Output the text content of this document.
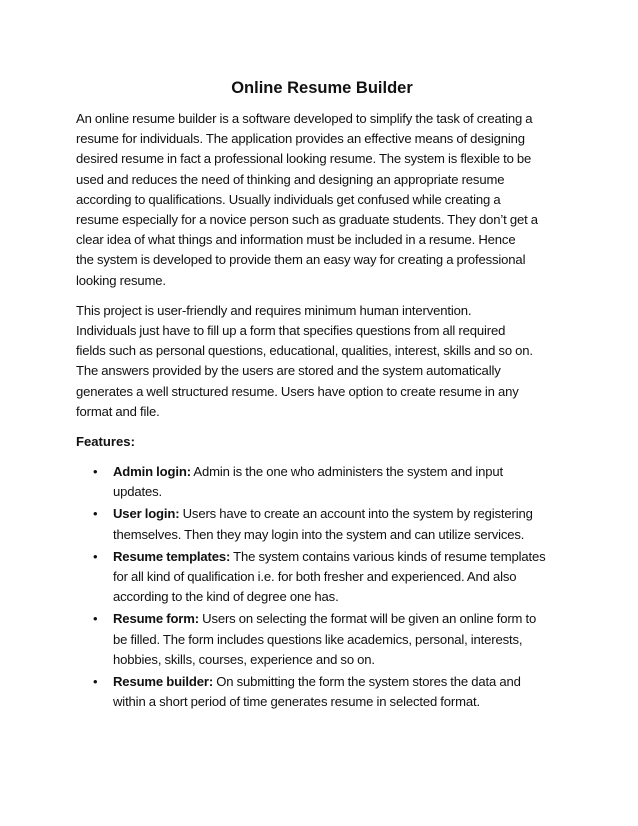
Online Resume Builder

An online resume builder is a software developed to simplify the task of creating a
resume for individuals. The application provides an effective means of designing
desired resume in fact a professional looking resume. The system is flexible to be
used and reduces the need of thinking and designing an appropriate resume
according to qualifications. Usually individuals get confused while creating a
resume especially for a novice person such as graduate students. They don’t get a
clear idea of what things and information must be included in a resume. Hence
the system is developed to provide them an easy way for creating a professional
looking resume.

This project is user-friendly and requires minimum human intervention.
Individuals just have to fill up a form that specifies questions from all required
fields such as personal questions, educational, qualities, interest, skills and so on.
The answers provided by the users are stored and the system automatically
generates a well structured resume. Users have option to create resume in any
format and file.

Features:
• Admin login: Admin is the one who administers the system and input
updates.
• User login: Users have to create an account into the system by registering
themselves. Then they may login into the system and can utilize services.
• Resume templates: The system contains various kinds of resume templates
for all kind of qualification i.e. for both fresher and experienced. And also
according to the kind of degree one has.
• Resume form: Users on selecting the format will be given an online form to
be filled. The form includes questions like academics, personal, interests,
hobbies, skills, courses, experience and so on.
• Resume builder: On submitting the form the system stores the data and
within a short period of time generates resume in selected format.
